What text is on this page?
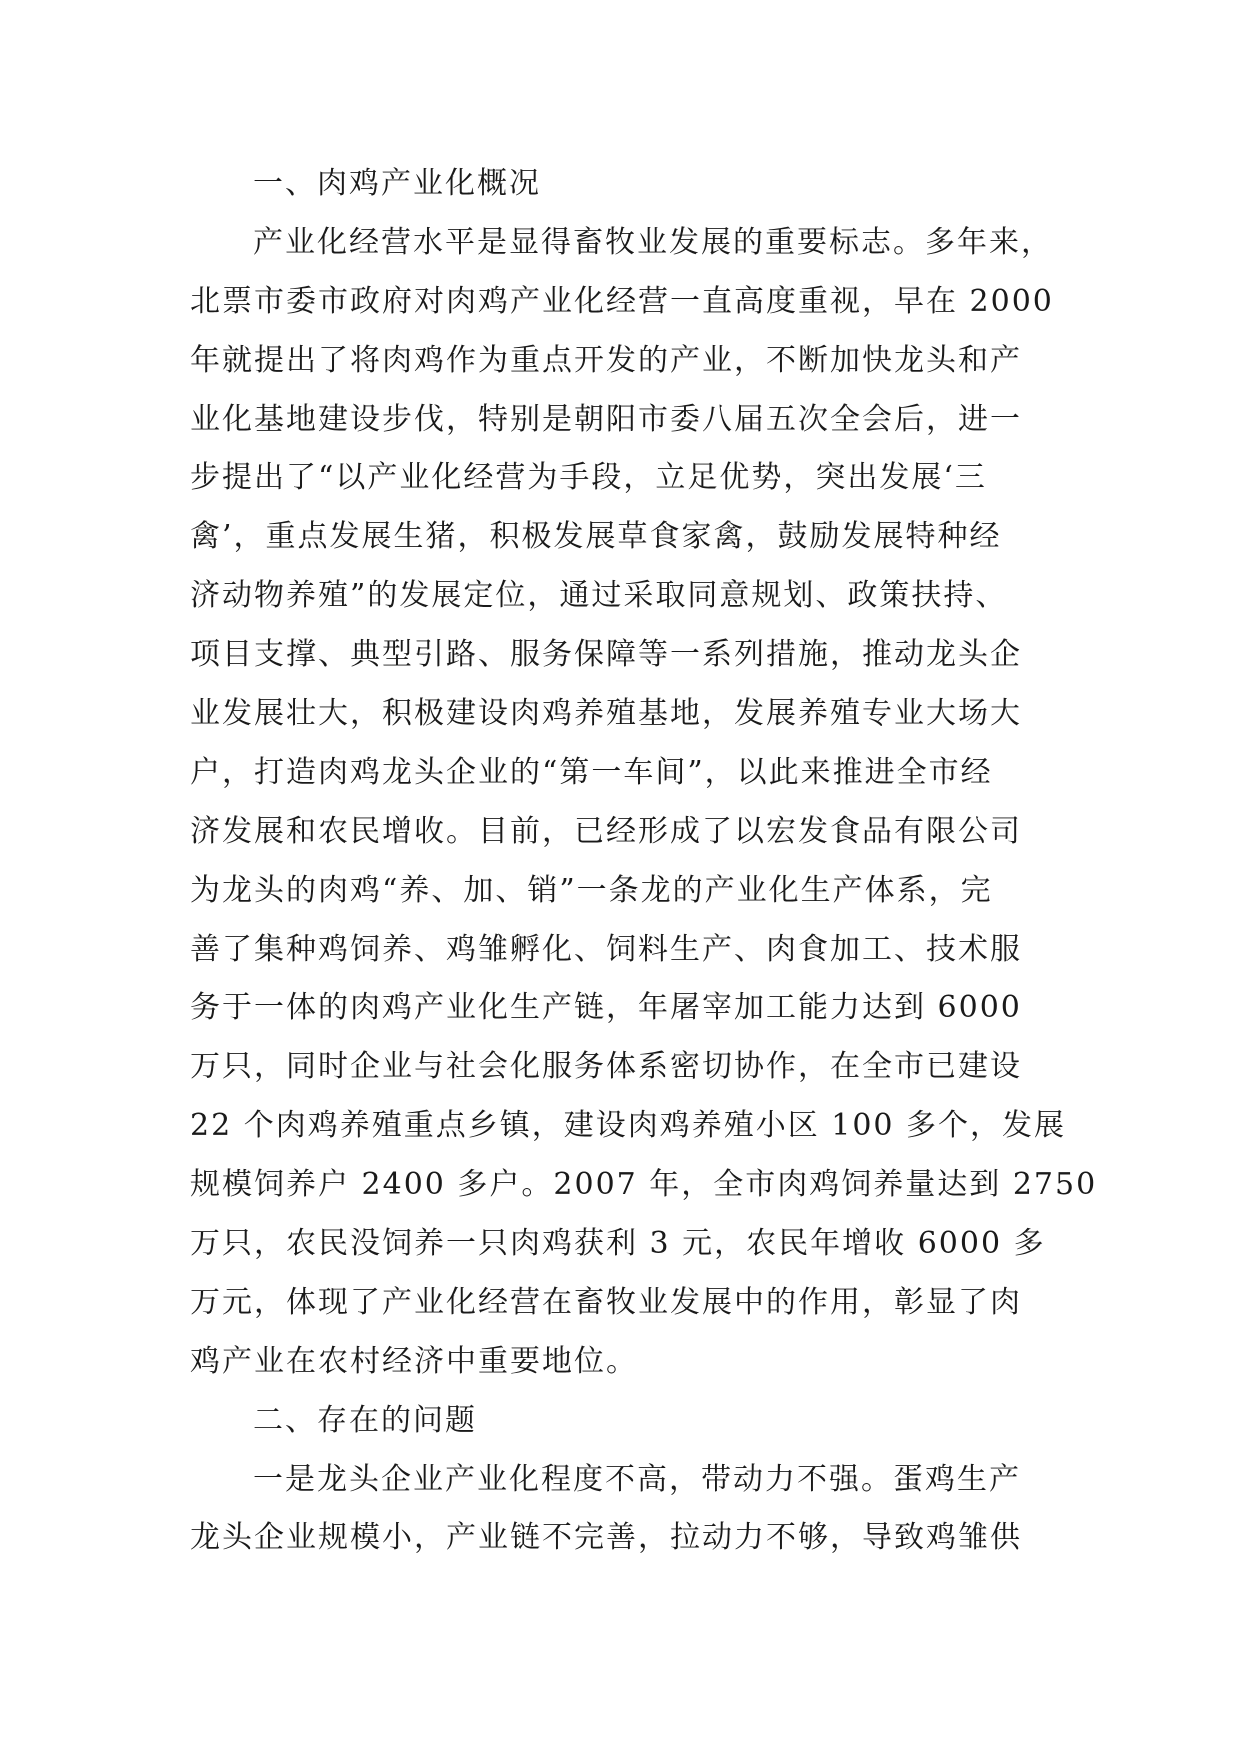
一、肉鸡产业化概况
产业化经营水平是显得畜牧业发展的重要标志。多年来，
北票市委市政府对肉鸡产业化经营一直高度重视，早在 2000
年就提出了将肉鸡作为重点开发的产业，不断加快龙头和产
业化基地建设步伐，特别是朝阳市委八届五次全会后，进一
步提出了“以产业化经营为手段，立足优势，突出发展‘三
禽’，重点发展生猪，积极发展草食家禽，鼓励发展特种经
济动物养殖”的发展定位，通过采取同意规划、政策扶持、
项目支撑、典型引路、服务保障等一系列措施，推动龙头企
业发展壮大，积极建设肉鸡养殖基地，发展养殖专业大场大
户，打造肉鸡龙头企业的“第一车间”，以此来推进全市经
济发展和农民增收。目前，已经形成了以宏发食品有限公司
为龙头的肉鸡“养、加、销”一条龙的产业化生产体系，完
善了集种鸡饲养、鸡雏孵化、饲料生产、肉食加工、技术服
务于一体的肉鸡产业化生产链，年屠宰加工能力达到 6000
万只，同时企业与社会化服务体系密切协作，在全市已建设
22 个肉鸡养殖重点乡镇，建设肉鸡养殖小区 100 多个，发展
规模饲养户 2400 多户。2007 年，全市肉鸡饲养量达到 2750
万只，农民没饲养一只肉鸡获利 3 元，农民年增收 6000 多
万元，体现了产业化经营在畜牧业发展中的作用，彰显了肉
鸡产业在农村经济中重要地位。
二、存在的问题
一是龙头企业产业化程度不高，带动力不强。蛋鸡生产
龙头企业规模小，产业链不完善，拉动力不够，导致鸡雏供
